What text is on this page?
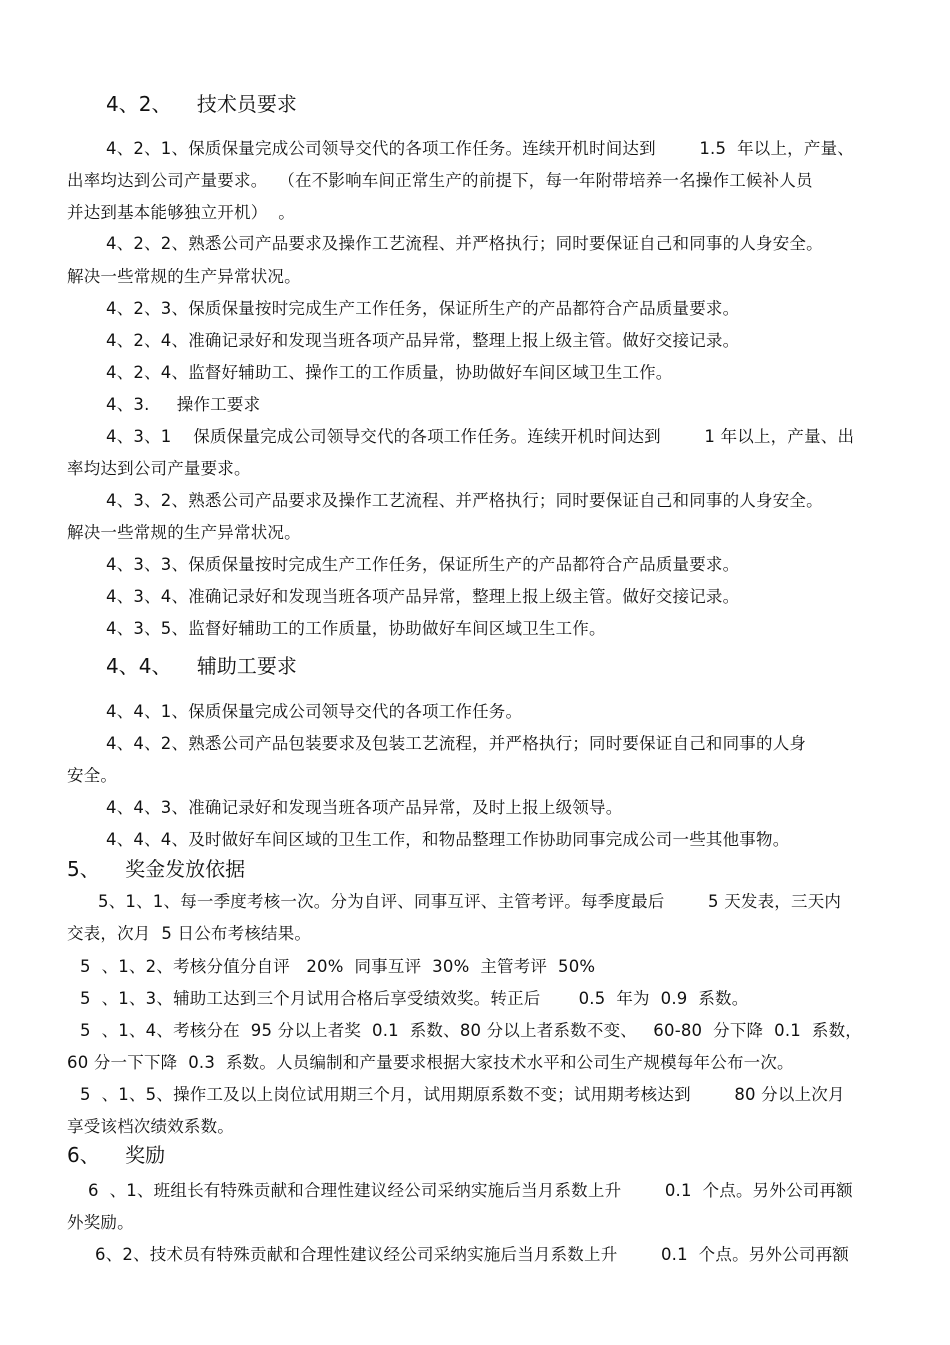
4、2、    技术员要求
4、2、1、保质保量完成公司领导交代的各项工作任务。连续开机时间达到        1.5  年以上，产量、
出率均达到公司产量要求。  （在不影响车间正常生产的前提下，每一年附带培养一名操作工候补人员
并达到基本能够独立开机）  。
4、2、2、熟悉公司产品要求及操作工艺流程、并严格执行；同时要保证自己和同事的人身安全。
解决一些常规的生产异常状况。
4、2、3、保质保量按时完成生产工作任务，保证所生产的产品都符合产品质量要求。
4、2、4、准确记录好和发现当班各项产品异常，整理上报上级主管。做好交接记录。
4、2、4、监督好辅助工、操作工的工作质量，协助做好车间区域卫生工作。
4、3.     操作工要求
4、3、1    保质保量完成公司领导交代的各项工作任务。连续开机时间达到        1 年以上，产量、出
率均达到公司产量要求。
4、3、2、熟悉公司产品要求及操作工艺流程、并严格执行；同时要保证自己和同事的人身安全。
解决一些常规的生产异常状况。
4、3、3、保质保量按时完成生产工作任务，保证所生产的产品都符合产品质量要求。
4、3、4、准确记录好和发现当班各项产品异常，整理上报上级主管。做好交接记录。
4、3、5、监督好辅助工的工作质量，协助做好车间区域卫生工作。
4、4、    辅助工要求
4、4、1、保质保量完成公司领导交代的各项工作任务。
4、4、2、熟悉公司产品包装要求及包装工艺流程，并严格执行；同时要保证自己和同事的人身
安全。
4、4、3、准确记录好和发现当班各项产品异常，及时上报上级领导。
4、4、4、及时做好车间区域的卫生工作，和物品整理工作协助同事完成公司一些其他事物。
5、    奖金发放依据
5、1、1、每一季度考核一次。分为自评、同事互评、主管考评。每季度最后        5 天发表，三天内
交表，次月  5 日公布考核结果。
5  、1、2、考核分值分自评   20%  同事互评  30%  主管考评  50%
5  、1、3、辅助工达到三个月试用合格后享受绩效奖。转正后       0.5  年为  0.9  系数。
5  、1、4、考核分在  95 分以上者奖  0.1  系数、80 分以上者系数不变、   60-80  分下降  0.1  系数，
60 分一下下降  0.3  系数。人员编制和产量要求根据大家技术水平和公司生产规模每年公布一次。
5  、1、5、操作工及以上岗位试用期三个月，试用期原系数不变；试用期考核达到        80 分以上次月
享受该档次绩效系数。
6、    奖励
6  、1、班组长有特殊贡献和合理性建议经公司采纳实施后当月系数上升        0.1  个点。另外公司再额
外奖励。
6、2、技术员有特殊贡献和合理性建议经公司采纳实施后当月系数上升        0.1  个点。另外公司再额
